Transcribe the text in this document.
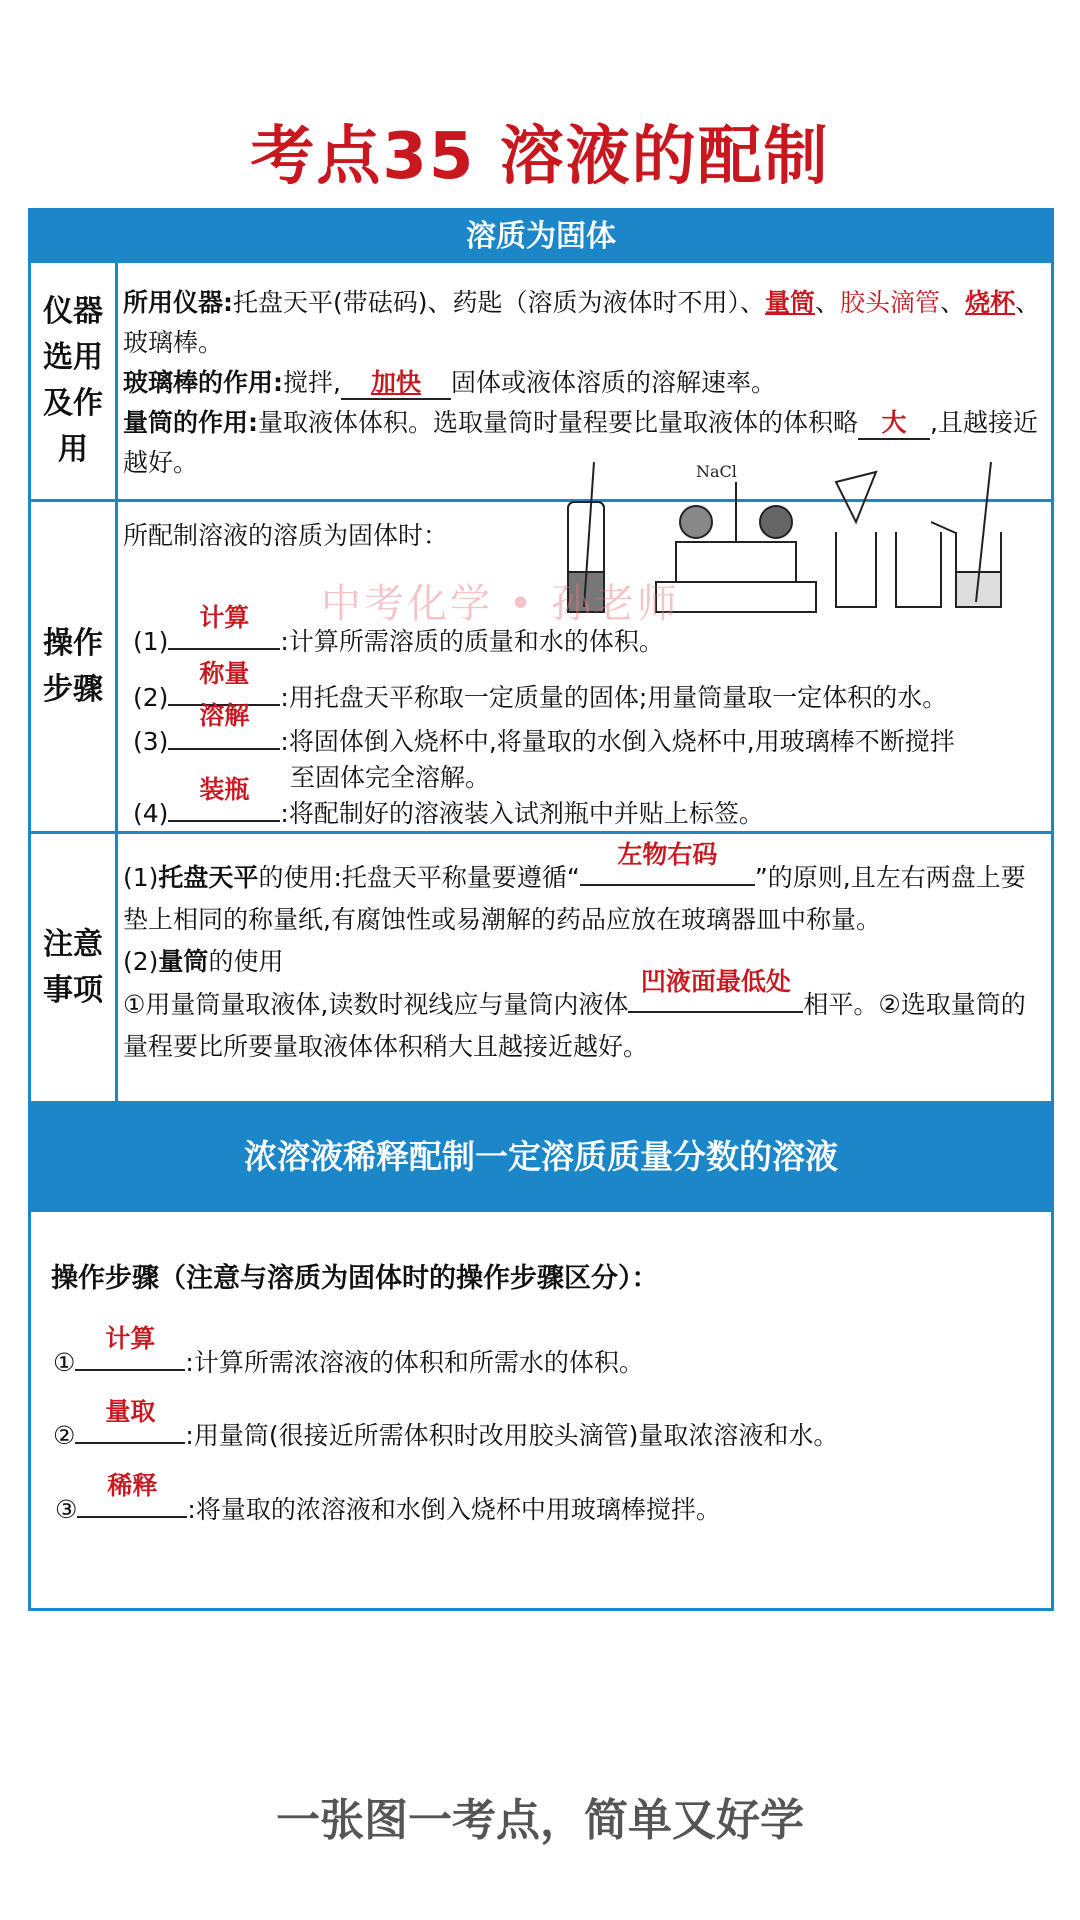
考点35 溶液的配制
溶质为固体
仪器选用及作用
所用仪器:托盘天平(带砝码)、药匙（溶质为液体时不用）、量筒、胶头滴管、烧杯、玻璃棒。
玻璃棒的作用:搅拌, 加快 固体或液体溶质的溶解速率。
量筒的作用:量取液体体积。选取量筒时量程要比量取液体的体积略 大 ,且越接近越好。
操作步骤
所配制溶液的溶质为固体时：
NaCl
中考化学 • 孙老师
(1)
计算
:计算所需溶质的质量和水的体积。
(2)
称量
:用托盘天平称取一定质量的固体;用量筒量取一定体积的水。
(3)
溶解
:将固体倒入烧杯中,将量取的水倒入烧杯中,用玻璃棒不断搅拌
至固体完全溶解。
(4)
装瓶
:将配制好的溶液装入试剂瓶中并贴上标签。
注意事项
(1)托盘天平的使用:托盘天平称量要遵循“
左物右码
”的原则,且左右两盘上要垫上相同的称量纸,有腐蚀性或易潮解的药品应放在玻璃器皿中称量。
(2)量筒的使用
①用量筒量取液体,读数时视线应与量筒内液体
凹液面最低处
相平。②选取量筒的量程要比所要量取液体体积稍大且越接近越好。
浓溶液稀释配制一定溶质质量分数的溶液
操作步骤（注意与溶质为固体时的操作步骤区分）：
①
计算
:计算所需浓溶液的体积和所需水的体积。
②
量取
:用量筒(很接近所需体积时改用胶头滴管)量取浓溶液和水。
③
稀释
:将量取的浓溶液和水倒入烧杯中用玻璃棒搅拌。
一张图一考点，简单又好学
